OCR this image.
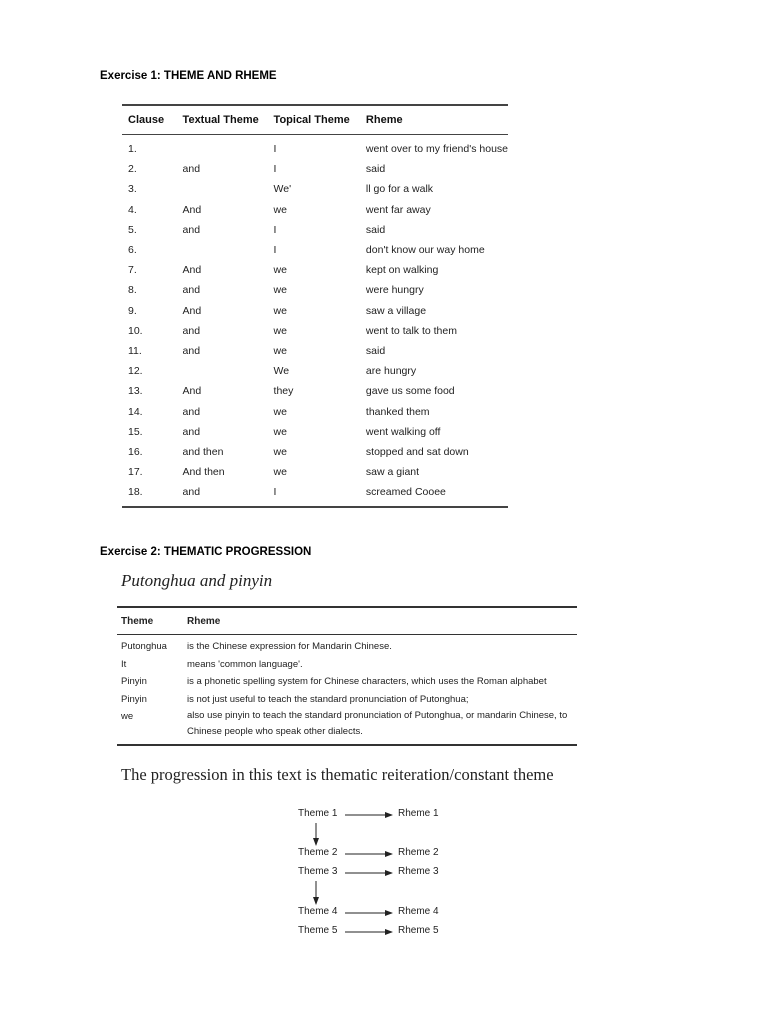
Exercise 1: THEME AND RHEME
Clause	Textual Theme	Topical Theme	Rheme
1.		I	went over to my friend's house
2.	and	I	said
3.		We'	ll go for a walk
4.	And	we	went far away
5.	and	I	said
6.		I	don't know our way home
7.	And	we	kept on walking
8.	and	we	were hungry
9.	And	we	saw a village
10.	and	we	went to talk to them
11.	and	we	said
12.		We	are hungry
13.	And	they	gave us some food
14.	and	we	thanked them
15.	and	we	went walking off
16.	and then	we	stopped and sat down
17.	And then	we	saw a giant
18.	and	I	screamed Cooee
Exercise 2: THEMATIC PROGRESSION
Putonghua and pinyin
Theme	Rheme
Putonghua	is the Chinese expression for Mandarin Chinese.
It	means 'common language'.
Pinyin	is a phonetic spelling system for Chinese characters, which uses the Roman alphabet
Pinyin	is not just useful to teach the standard pronunciation of Putonghua;
we	also use pinyin to teach the standard pronunciation of Putonghua, or mandarin Chinese, to Chinese people who speak other dialects.
The progression in this text is thematic reiteration/constant theme
Theme 1	Rheme 1
Theme 2	Rheme 2
Theme 3	Rheme 3
Theme 4	Rheme 4
Theme 5	Rheme 5
